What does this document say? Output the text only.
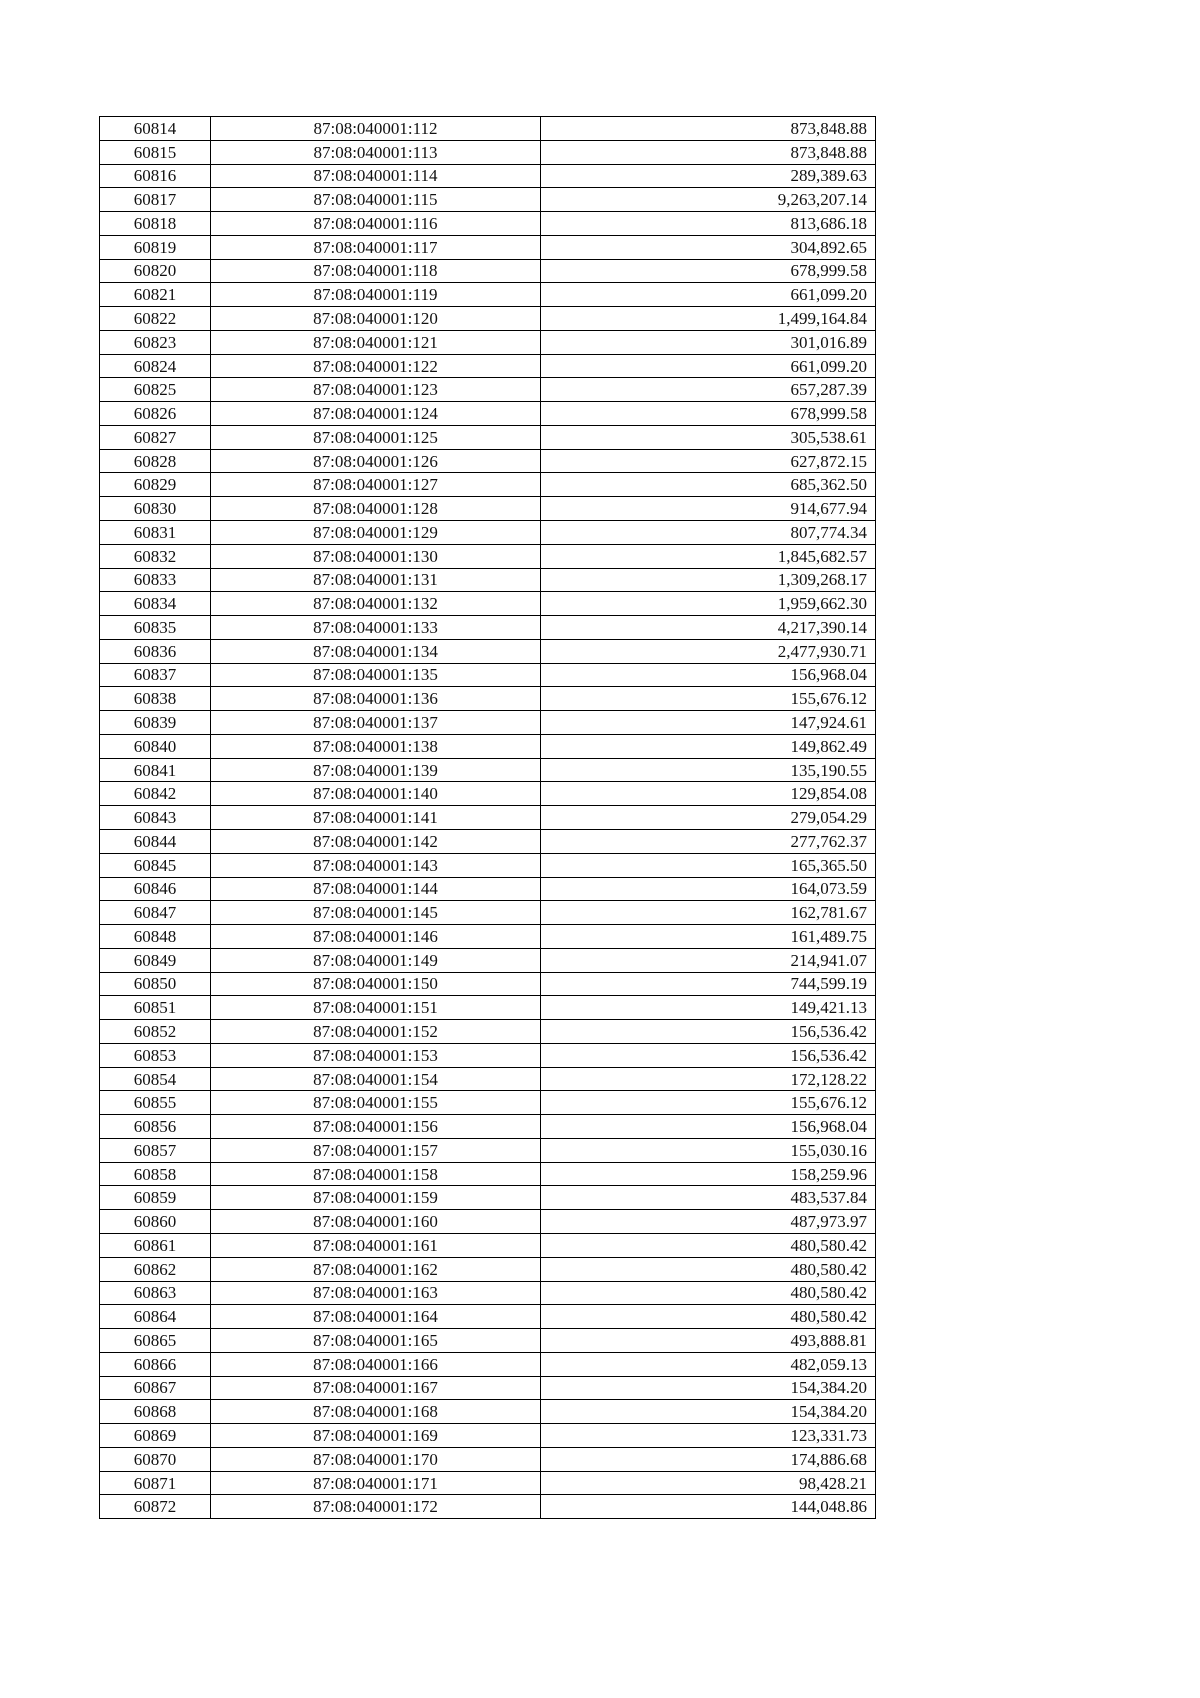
60814	87:08:040001:112	873,848.88
60815	87:08:040001:113	873,848.88
60816	87:08:040001:114	289,389.63
60817	87:08:040001:115	9,263,207.14
60818	87:08:040001:116	813,686.18
60819	87:08:040001:117	304,892.65
60820	87:08:040001:118	678,999.58
60821	87:08:040001:119	661,099.20
60822	87:08:040001:120	1,499,164.84
60823	87:08:040001:121	301,016.89
60824	87:08:040001:122	661,099.20
60825	87:08:040001:123	657,287.39
60826	87:08:040001:124	678,999.58
60827	87:08:040001:125	305,538.61
60828	87:08:040001:126	627,872.15
60829	87:08:040001:127	685,362.50
60830	87:08:040001:128	914,677.94
60831	87:08:040001:129	807,774.34
60832	87:08:040001:130	1,845,682.57
60833	87:08:040001:131	1,309,268.17
60834	87:08:040001:132	1,959,662.30
60835	87:08:040001:133	4,217,390.14
60836	87:08:040001:134	2,477,930.71
60837	87:08:040001:135	156,968.04
60838	87:08:040001:136	155,676.12
60839	87:08:040001:137	147,924.61
60840	87:08:040001:138	149,862.49
60841	87:08:040001:139	135,190.55
60842	87:08:040001:140	129,854.08
60843	87:08:040001:141	279,054.29
60844	87:08:040001:142	277,762.37
60845	87:08:040001:143	165,365.50
60846	87:08:040001:144	164,073.59
60847	87:08:040001:145	162,781.67
60848	87:08:040001:146	161,489.75
60849	87:08:040001:149	214,941.07
60850	87:08:040001:150	744,599.19
60851	87:08:040001:151	149,421.13
60852	87:08:040001:152	156,536.42
60853	87:08:040001:153	156,536.42
60854	87:08:040001:154	172,128.22
60855	87:08:040001:155	155,676.12
60856	87:08:040001:156	156,968.04
60857	87:08:040001:157	155,030.16
60858	87:08:040001:158	158,259.96
60859	87:08:040001:159	483,537.84
60860	87:08:040001:160	487,973.97
60861	87:08:040001:161	480,580.42
60862	87:08:040001:162	480,580.42
60863	87:08:040001:163	480,580.42
60864	87:08:040001:164	480,580.42
60865	87:08:040001:165	493,888.81
60866	87:08:040001:166	482,059.13
60867	87:08:040001:167	154,384.20
60868	87:08:040001:168	154,384.20
60869	87:08:040001:169	123,331.73
60870	87:08:040001:170	174,886.68
60871	87:08:040001:171	98,428.21
60872	87:08:040001:172	144,048.86
